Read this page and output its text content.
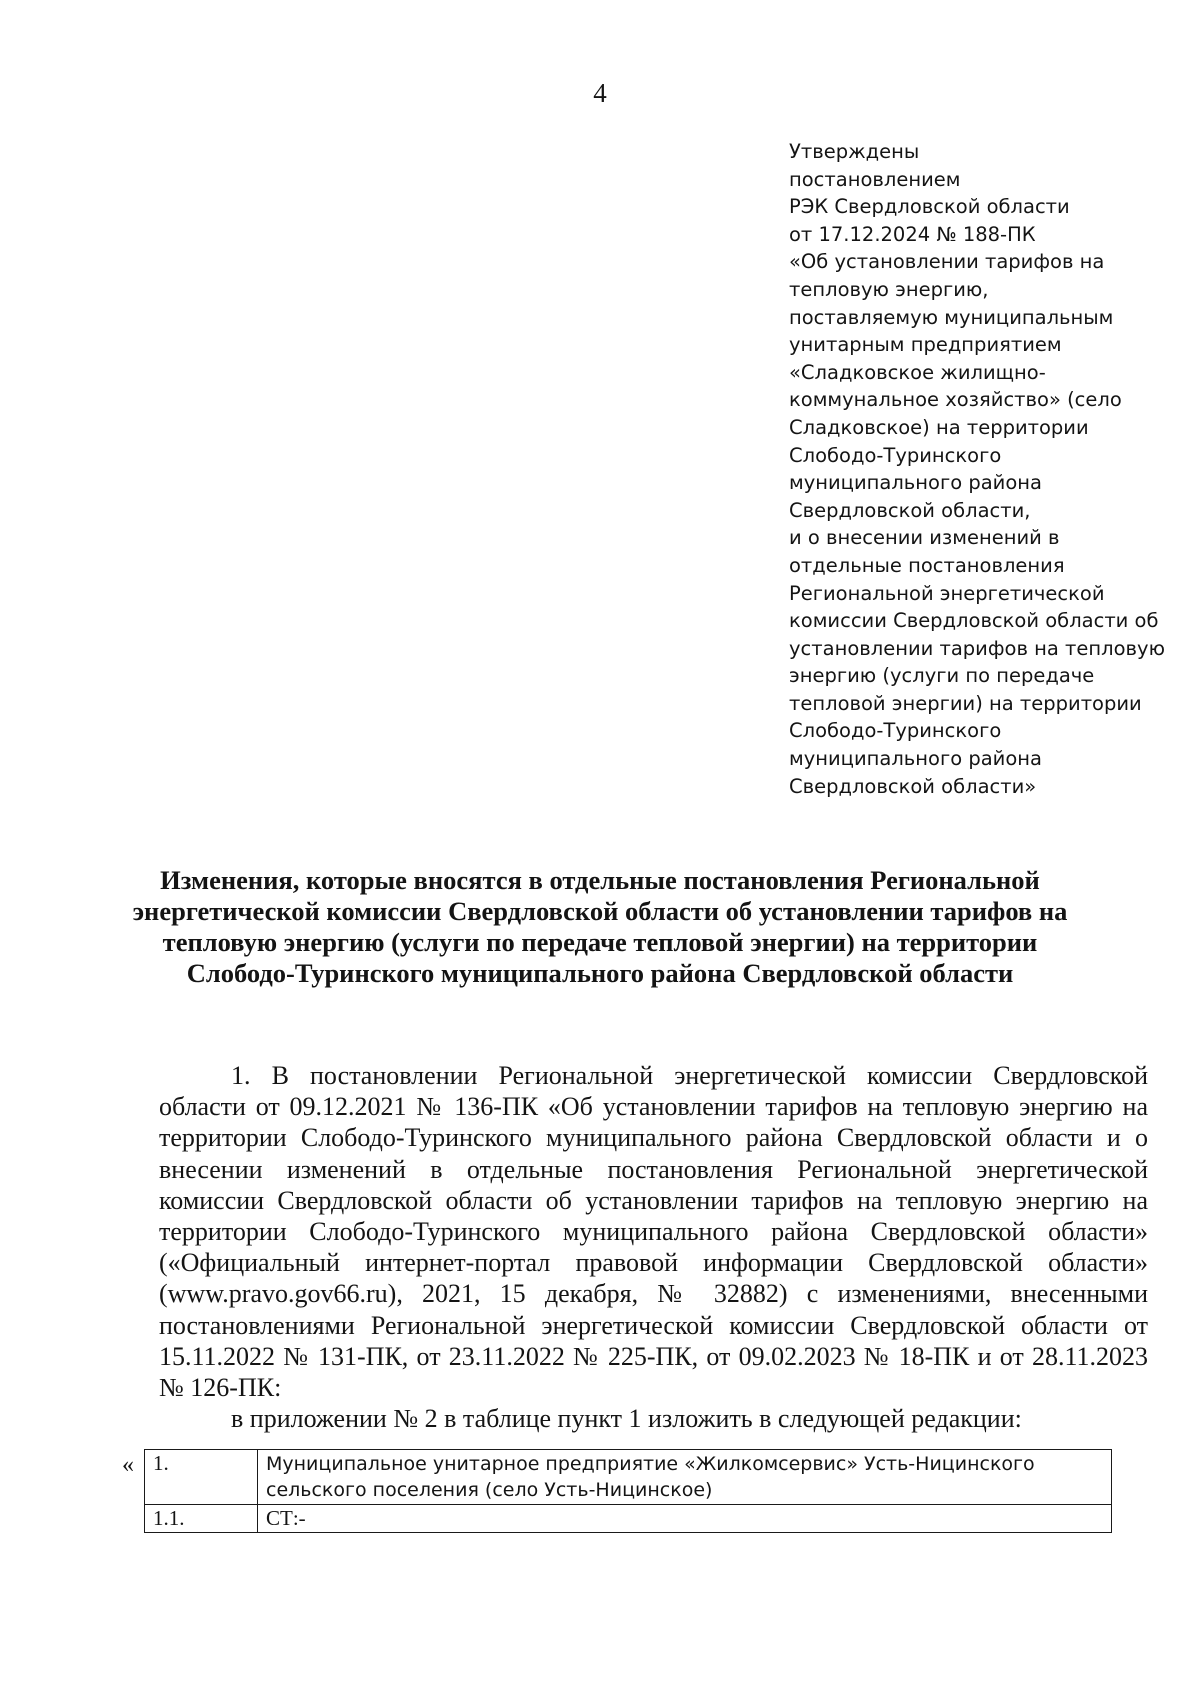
4
Утверждены
постановлением
РЭК Свердловской области
от 17.12.2024 № 188-ПК
«Об установлении тарифов на
тепловую энергию,
поставляемую муниципальным
унитарным предприятием
«Сладковское жилищно-
коммунальное хозяйство» (село
Сладковское) на территории
Слободо-Туринского
муниципального района
Свердловской области,
и о внесении изменений в
отдельные постановления
Региональной энергетической
комиссии Свердловской области об
установлении тарифов на тепловую
энергию (услуги по передаче
тепловой энергии) на территории
Слободо-Туринского
муниципального района
Свердловской области»
Изменения, которые вносятся в отдельные постановления Региональной энергетической комиссии Свердловской области об установлении тарифов на тепловую энергию (услуги по передаче тепловой энергии) на территории Слободо-Туринского муниципального района Свердловской области

1. В постановлении Региональной энергетической комиссии Свердловской области от 09.12.2021 № 136-ПК «Об установлении тарифов на тепловую энергию на территории Слободо-Туринского муниципального района Свердловской области и о внесении изменений в отдельные постановления Региональной энергетической комиссии Свердловской области об установлении тарифов на тепловую энергию на территории Слободо-Туринского муниципального района Свердловской области» («Официальный интернет-портал правовой информации Свердловской области» (www.pravo.gov66.ru), 2021, 15 декабря, № 32882) с изменениями, внесенными постановлениями Региональной энергетической комиссии Свердловской области от 15.11.2022 № 131-ПК, от 23.11.2022 № 225-ПК, от 09.02.2023 № 18-ПК и от 28.11.2023 № 126-ПК:

в приложении № 2 в таблице пункт 1 изложить в следующей редакции:

« 1.	Муниципальное унитарное предприятие «Жилкомсервис» Усть-Ницинского сельского поселения (село Усть-Ницинское)
1.1.	СТ:-
